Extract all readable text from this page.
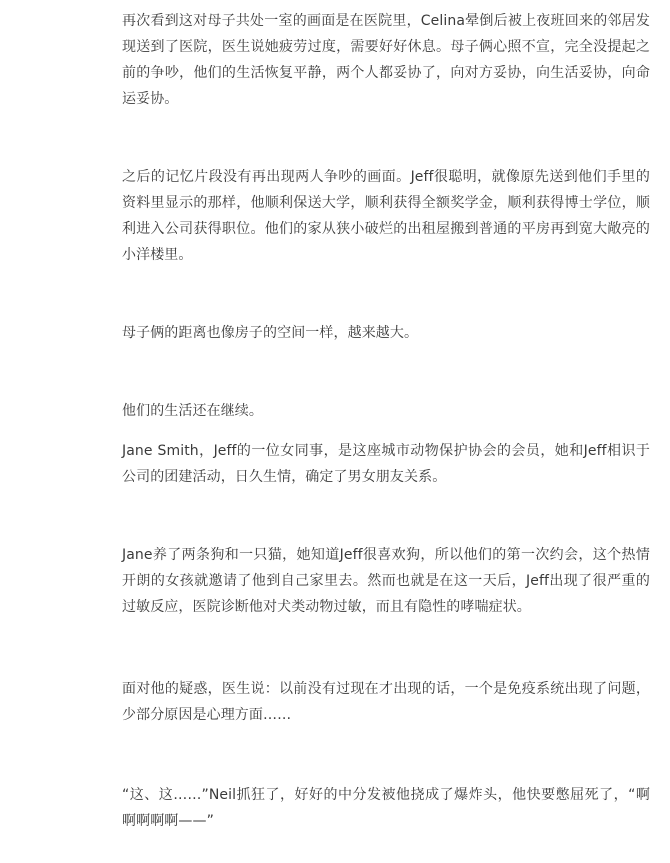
再次看到这对母子共处一室的画面是在医院里，Celina晕倒后被上夜班回来的邻居发现送到了医院，医生说她疲劳过度，需要好好休息。母子俩心照不宣，完全没提起之前的争吵，他们的生活恢复平静，两个人都妥协了，向对方妥协，向生活妥协，向命运妥协。

之后的记忆片段没有再出现两人争吵的画面。Jeff很聪明，就像原先送到他们手里的资料里显示的那样，他顺利保送大学，顺利获得全额奖学金，顺利获得博士学位，顺利进入公司获得职位。他们的家从狭小破烂的出租屋搬到普通的平房再到宽大敞亮的小洋楼里。

母子俩的距离也像房子的空间一样，越来越大。

他们的生活还在继续。

Jane Smith，Jeff的一位女同事，是这座城市动物保护协会的会员，她和Jeff相识于公司的团建活动，日久生情，确定了男女朋友关系。

Jane养了两条狗和一只猫，她知道Jeff很喜欢狗，所以他们的第一次约会，这个热情开朗的女孩就邀请了他到自己家里去。然而也就是在这一天后，Jeff出现了很严重的过敏反应，医院诊断他对犬类动物过敏，而且有隐性的哮喘症状。

面对他的疑惑，医生说：以前没有过现在才出现的话，一个是免疫系统出现了问题，少部分原因是心理方面……

“这、这……”Neil抓狂了，好好的中分发被他挠成了爆炸头，他快要憋屈死了，“啊啊啊啊啊——”
